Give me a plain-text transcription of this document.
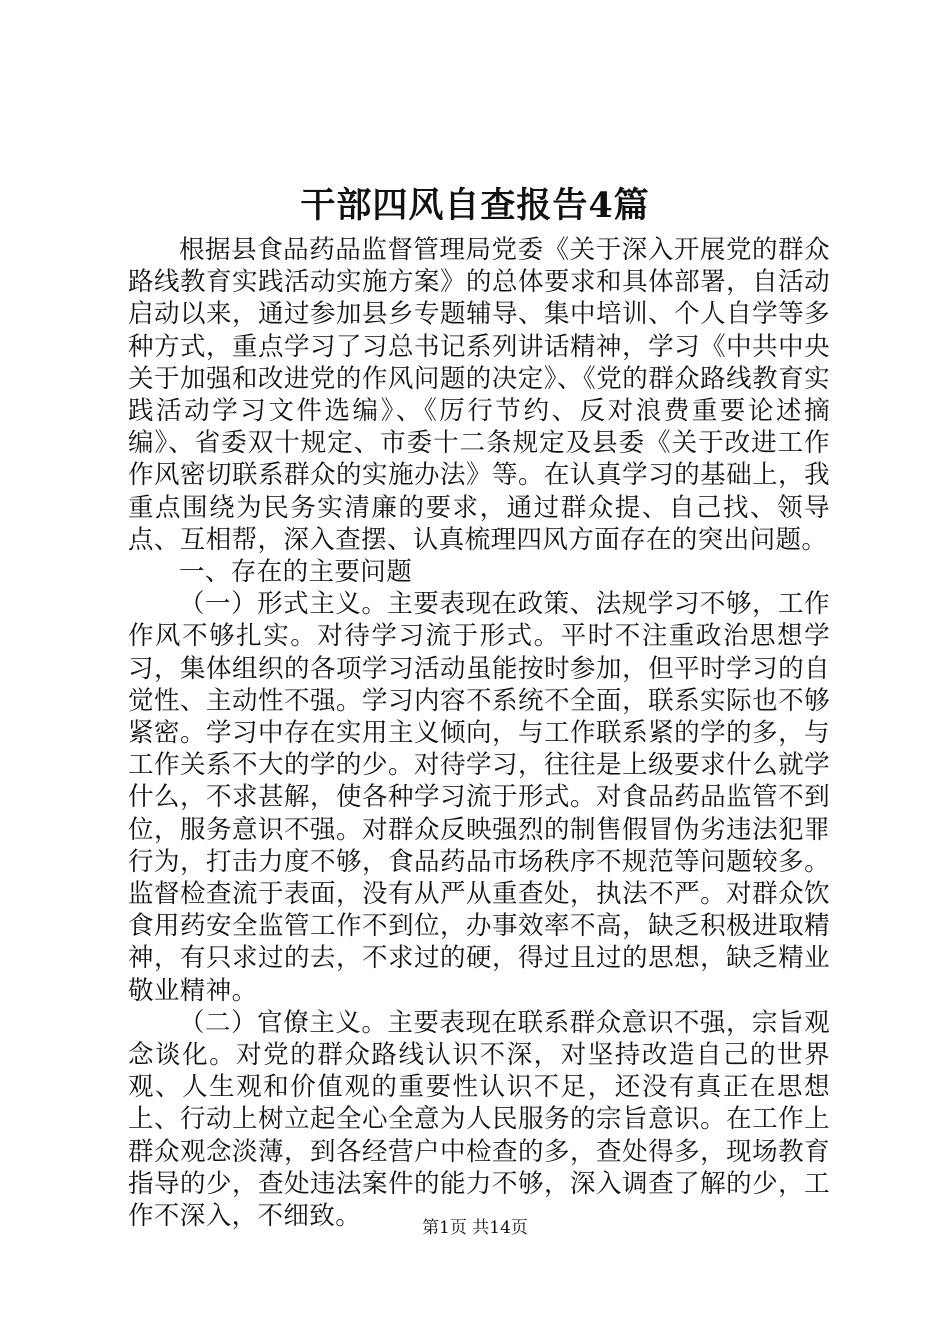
干部四风自查报告4篇

根据县食品药品监督管理局党委《关于深入开展党的群众路线教育实践活动实施方案》的总体要求和具体部署，自活动启动以来，通过参加县乡专题辅导、集中培训、个人自学等多种方式，重点学习了习总书记系列讲话精神，学习《中共中央关于加强和改进党的作风问题的决定》、《党的群众路线教育实践活动学习文件选编》、《厉行节约、反对浪费重要论述摘编》、省委双十规定、市委十二条规定及县委《关于改进工作作风密切联系群众的实施办法》等。在认真学习的基础上，我重点围绕为民务实清廉的要求，通过群众提、自己找、领导点、互相帮，深入查摆、认真梳理四风方面存在的突出问题。

一、存在的主要问题

（一）形式主义。主要表现在政策、法规学习不够，工作作风不够扎实。对待学习流于形式。平时不注重政治思想学习，集体组织的各项学习活动虽能按时参加，但平时学习的自觉性、主动性不强。学习内容不系统不全面，联系实际也不够紧密。学习中存在实用主义倾向，与工作联系紧的学的多，与工作关系不大的学的少。对待学习，往往是上级要求什么就学什么，不求甚解，使各种学习流于形式。对食品药品监管不到位，服务意识不强。对群众反映强烈的制售假冒伪劣违法犯罪行为，打击力度不够，食品药品市场秩序不规范等问题较多。监督检查流于表面，没有从严从重查处，执法不严。对群众饮食用药安全监管工作不到位，办事效率不高，缺乏积极进取精神，有只求过的去，不求过的硬，得过且过的思想，缺乏精业敬业精神。

（二）官僚主义。主要表现在联系群众意识不强，宗旨观念谈化。对党的群众路线认识不深，对坚持改造自己的世界观、人生观和价值观的重要性认识不足，还没有真正在思想上、行动上树立起全心全意为人民服务的宗旨意识。在工作上群众观念淡薄，到各经营户中检查的多，查处得多，现场教育指导的少，查处违法案件的能力不够，深入调查了解的少，工作不深入，不细致。	第1页 共14页
